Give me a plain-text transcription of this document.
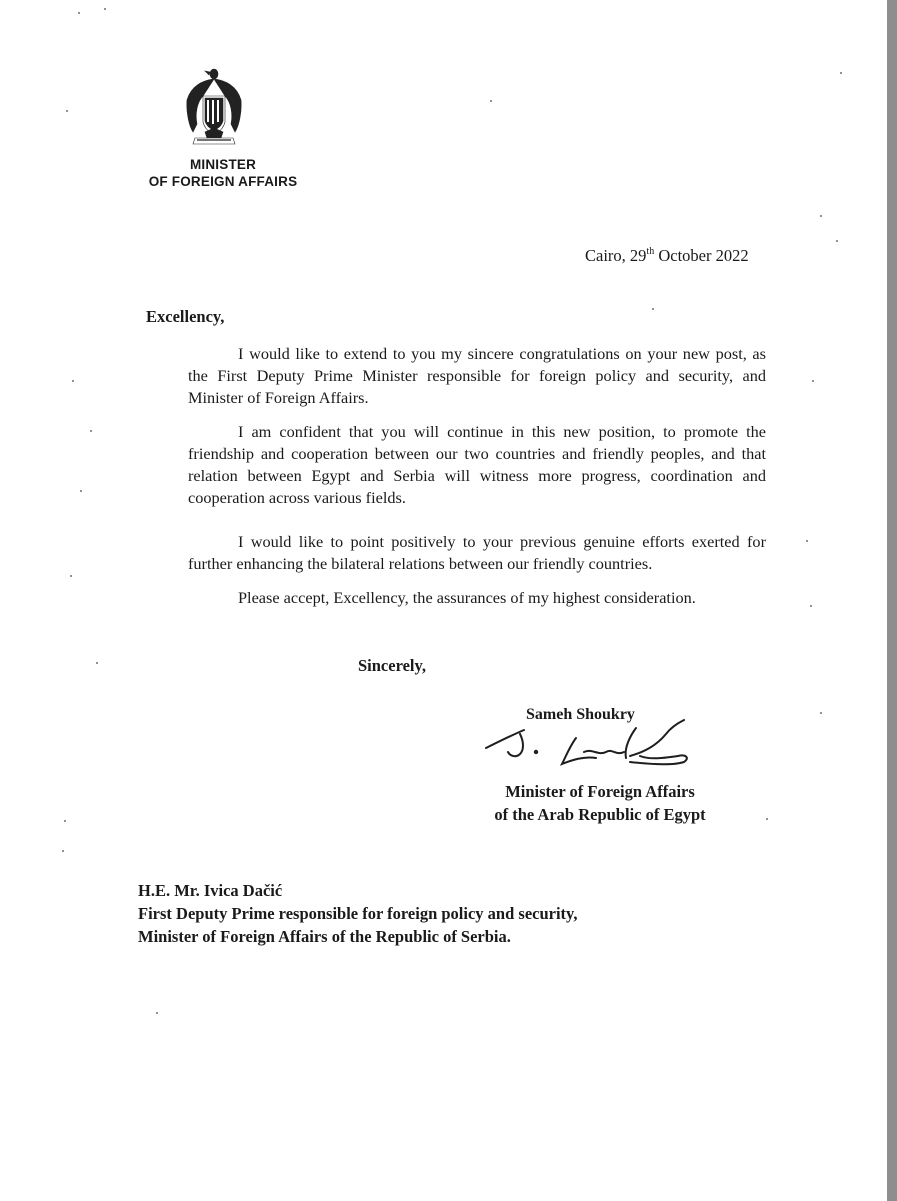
MINISTER
OF FOREIGN AFFAIRS
Cairo, 29th October 2022
Excellency,
I would like to extend to you my sincere congratulations on your new post, as the First Deputy Prime Minister responsible for foreign policy and security, and Minister of Foreign Affairs.
I am confident that you will continue in this new position, to promote the friendship and cooperation between our two countries and friendly peoples, and that relation between Egypt and Serbia will witness more progress, coordination and cooperation across various fields.
I would like to point positively to your previous genuine efforts exerted for further enhancing the bilateral relations between our friendly countries.
Please accept, Excellency, the assurances of my highest consideration.
Sincerely,
Sameh Shoukry
Minister of Foreign Affairs
of the Arab Republic of Egypt
H.E. Mr. Ivica Dačić
First Deputy Prime responsible for foreign policy and security,
Minister of Foreign Affairs of the Republic of Serbia.
